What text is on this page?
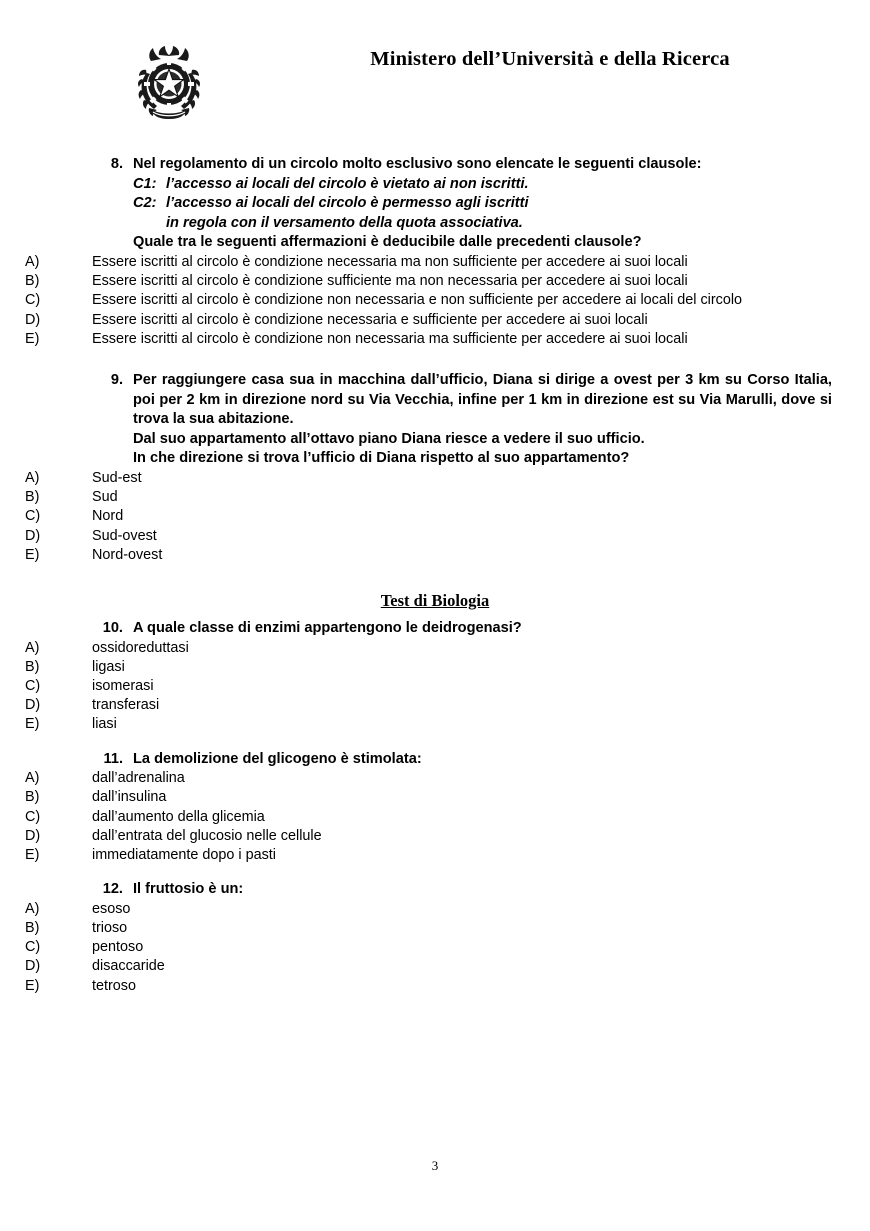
Ministero dell’Università e della Ricerca
8. Nel regolamento di un circolo molto esclusivo sono elencate le seguenti clausole:
C1: l’accesso ai locali del circolo è vietato ai non iscritti.
C2: l’accesso ai locali del circolo è permesso agli iscritti
in regola con il versamento della quota associativa.
Quale tra le seguenti affermazioni è deducibile dalle precedenti clausole?
A)	Essere iscritti al circolo è condizione necessaria ma non sufficiente per accedere ai suoi locali
B)	Essere iscritti al circolo è condizione sufficiente ma non necessaria per accedere ai suoi locali
C)	Essere iscritti al circolo è condizione non necessaria e non sufficiente per accedere ai locali del circolo
D)	Essere iscritti al circolo è condizione necessaria e sufficiente per accedere ai suoi locali
E)	Essere iscritti al circolo è condizione non necessaria ma sufficiente per accedere ai suoi locali
9. Per raggiungere casa sua in macchina dall’ufficio, Diana si dirige a ovest per 3 km su Corso Italia, poi per 2 km in direzione nord su Via Vecchia, infine per 1 km in direzione est su Via Marulli, dove si trova la sua abitazione.
Dal suo appartamento all’ottavo piano Diana riesce a vedere il suo ufficio.
In che direzione si trova l’ufficio di Diana rispetto al suo appartamento?
A)	Sud-est
B)	Sud
C)	Nord
D)	Sud-ovest
E)	Nord-ovest
Test di Biologia
10. A quale classe di enzimi appartengono le deidrogenasi?
A)	ossidoreduttasi
B)	ligasi
C)	isomerasi
D)	transferasi
E)	liasi
11. La demolizione del glicogeno è stimolata:
A)	dall’adrenalina
B)	dall’insulina
C)	dall’aumento della glicemia
D)	dall’entrata del glucosio nelle cellule
E)	immediatamente dopo i pasti
12. Il fruttosio è un:
A)	esoso
B)	trioso
C)	pentoso
D)	disaccaride
E)	tetroso
3
